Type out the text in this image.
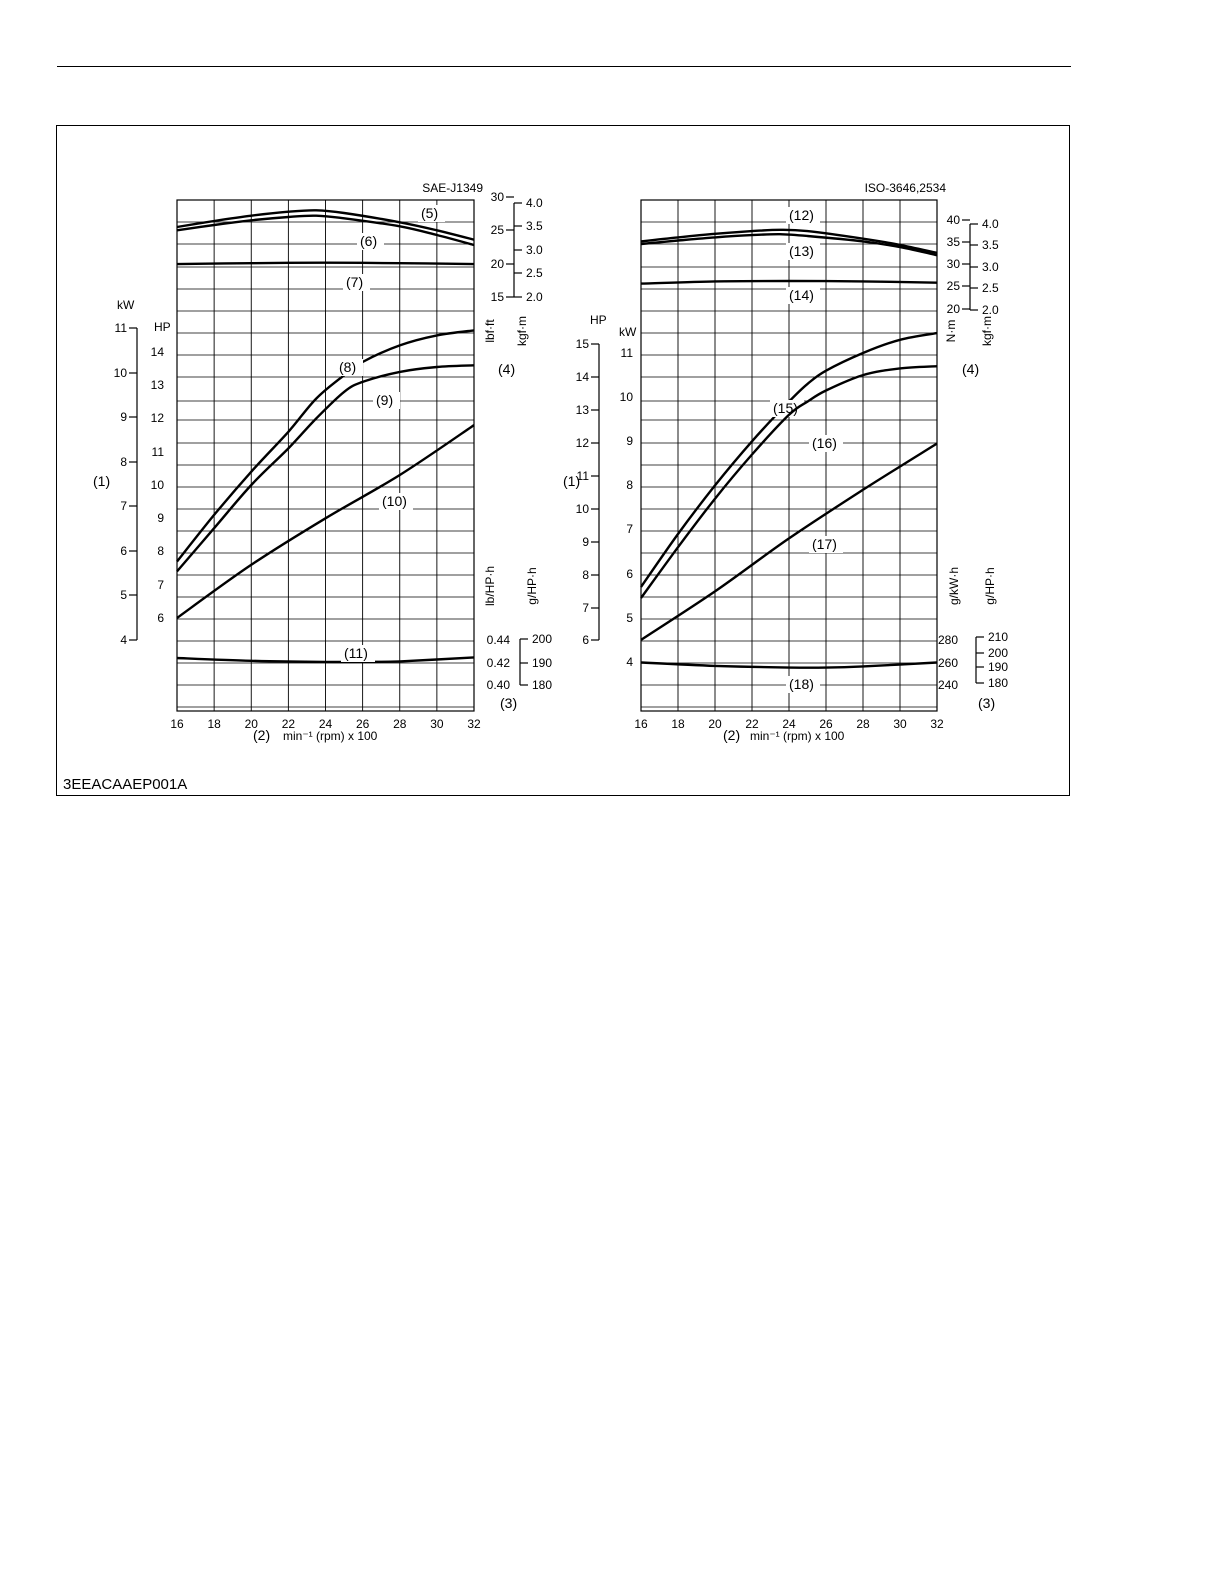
16 18 20 22 24 26 28 30 32
SAE-J1349
(2) min⁻¹ (rpm) x 100
(1)
kW
4
5
6
7
8
9
10
11 HP
6
7
8
9
10
11
12
13
14
15
20
25
30
2.0
2.5
3.0
3.5
4.0
lbf·ft kgf·m
(4)
0.40
0.42
0.44
180
190
200
lb/HP·h g/HP·h
(3)
(5)
(6)
(7)
(8)
(9)
(10)
(11)
16 18 20 22 24 26 28 30 32
ISO-3646,2534
(2) min⁻¹ (rpm) x 100
(1)
HP
6
7
8
9
10
11
12
13
14
15
kW
4
5
6
7
8
9
10
11
20
25
30
35
40
2.0
2.5
3.0
3.5
4.0
N·m kgf·m
(4)
240
260
280
180
190
200
210
g/kW·h g/HP·h
(3)
(12)
(13)
(14)
(15)
(16)
(17)
(18)
3EEACAAEP001A
